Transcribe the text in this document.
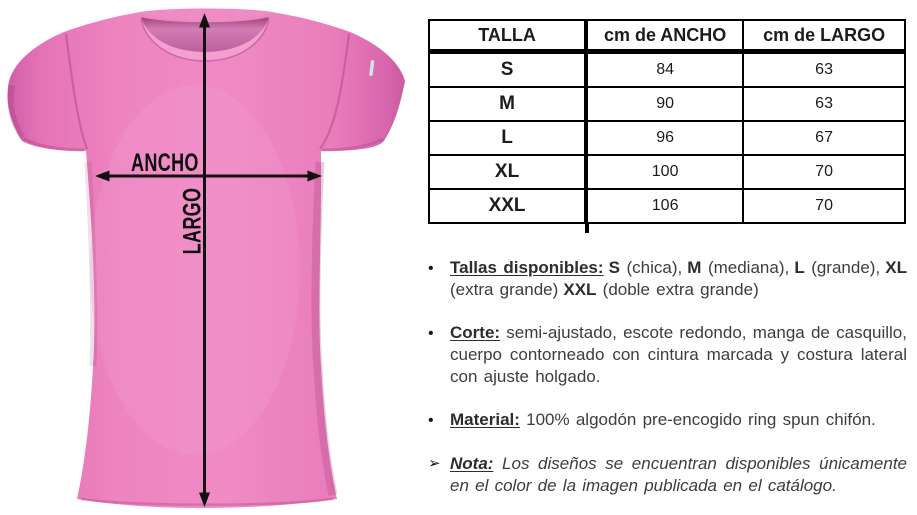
ANCHO
LARGO
TALLA	cm de ANCHO	cm de LARGO
S	84	63
M	90	63
L	96	67
XL	100	70
XXL	106	70
• Tallas disponibles: S (chica), M (mediana), L (grande), XL (extra grande) XXL (doble extra grande)
• Corte: semi-ajustado, escote redondo, manga de casquillo, cuerpo contorneado con cintura marcada y costura lateral con ajuste holgado.
• Material: 100% algodón pre-encogido ring spun chifón.
➢ Nota: Los diseños se encuentran disponibles únicamente en el color de la imagen publicada en el catálogo.
